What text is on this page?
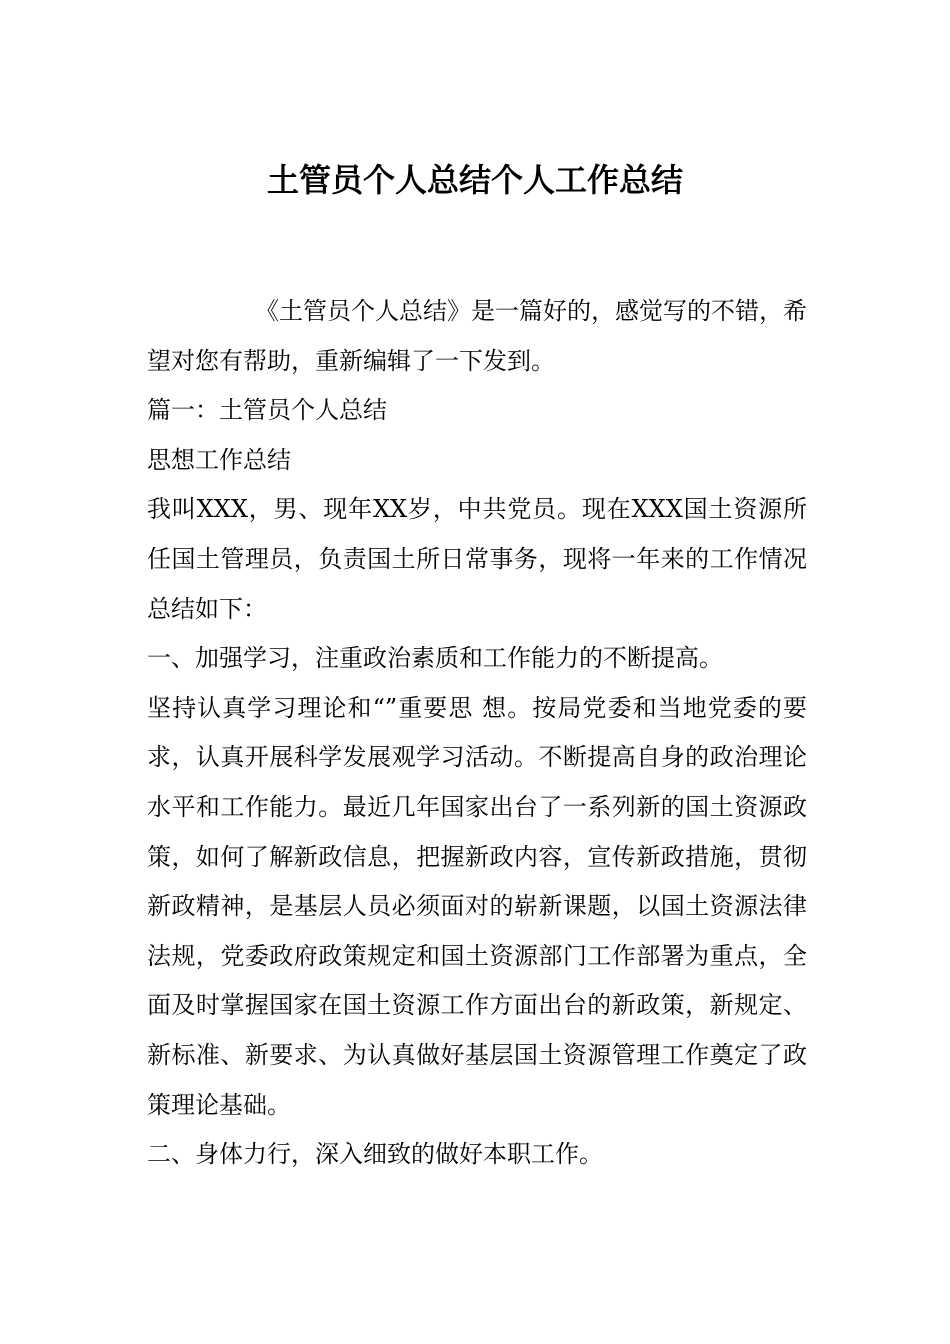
土管员个人总结个人工作总结

《土管员个人总结》是一篇好的，感觉写的不错，希望对您有帮助，重新编辑了一下发到。

篇一：土管员个人总结

思想工作总结

我叫XXX，男、现年XX岁，中共党员。现在XXX国土资源所任国土管理员，负责国土所日常事务，现将一年来的工作情况总结如下：

一、加强学习，注重政治素质和工作能力的不断提高。

坚持认真学习理论和“”重要思 想。按局党委和当地党委的要求，认真开展科学发展观学习活动。不断提高自身的政治理论水平和工作能力。最近几年国家出台了一系列新的国土资源政策，如何了解新政信息，把握新政内容，宣传新政措施，贯彻新政精神，是基层人员必须面对的崭新课题，以国土资源法律法规，党委政府政策规定和国土资源部门工作部署为重点，全面及时掌握国家在国土资源工作方面出台的新政策，新规定、新标准、新要求、为认真做好基层国土资源管理工作奠定了政策理论基础。

二、身体力行，深入细致的做好本职工作。
